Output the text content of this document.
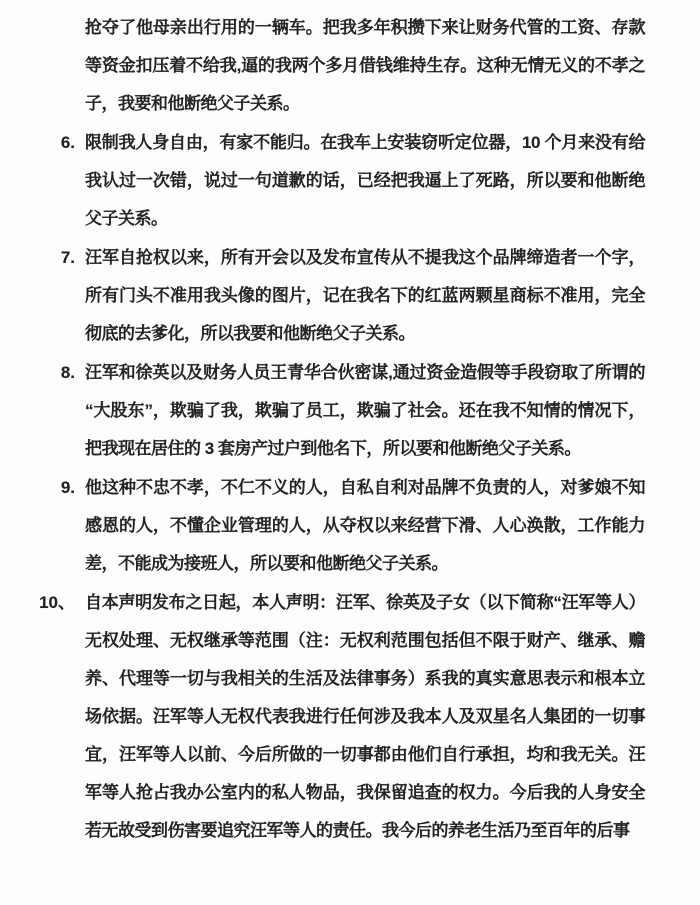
抢夺了他母亲出行用的一辆车。把我多年积攒下来让财务代管的工资、存款等资金扣压着不给我,逼的我两个多月借钱维持生存。这种无情无义的不孝之子，我要和他断绝父子关系。
6. 限制我人身自由，有家不能归。在我车上安装窃听定位器，10 个月来没有给我认过一次错，说过一句道歉的话，已经把我逼上了死路，所以要和他断绝父子关系。
7. 汪军自抢权以来，所有开会以及发布宣传从不提我这个品牌缔造者一个字，所有门头不准用我头像的图片，记在我名下的红蓝两颗星商标不准用，完全彻底的去爹化，所以我要和他断绝父子关系。
8. 汪军和徐英以及财务人员王青华合伙密谋,通过资金造假等手段窃取了所谓的“大股东”，欺骗了我，欺骗了员工，欺骗了社会。还在我不知情的情况下，把我现在居住的 3 套房产过户到他名下，所以要和他断绝父子关系。
9. 他这种不忠不孝，不仁不义的人，自私自利对品牌不负责的人，对爹娘不知感恩的人，不懂企业管理的人，从夺权以来经营下滑、人心涣散，工作能力差，不能成为接班人，所以要和他断绝父子关系。
10、 自本声明发布之日起，本人声明：汪军、徐英及子女（以下简称“汪军等人）无权处理、无权继承等范围（注：无权利范围包括但不限于财产、继承、赡养、代理等一切与我相关的生活及法律事务）系我的真实意思表示和根本立场依据。汪军等人无权代表我进行任何涉及我本人及双星名人集团的一切事宜，汪军等人以前、今后所做的一切事都由他们自行承担，均和我无关。汪军等人抢占我办公室内的私人物品，我保留追查的权力。今后我的人身安全若无故受到伤害要追究汪军等人的责任。我今后的养老生活乃至百年的后事
